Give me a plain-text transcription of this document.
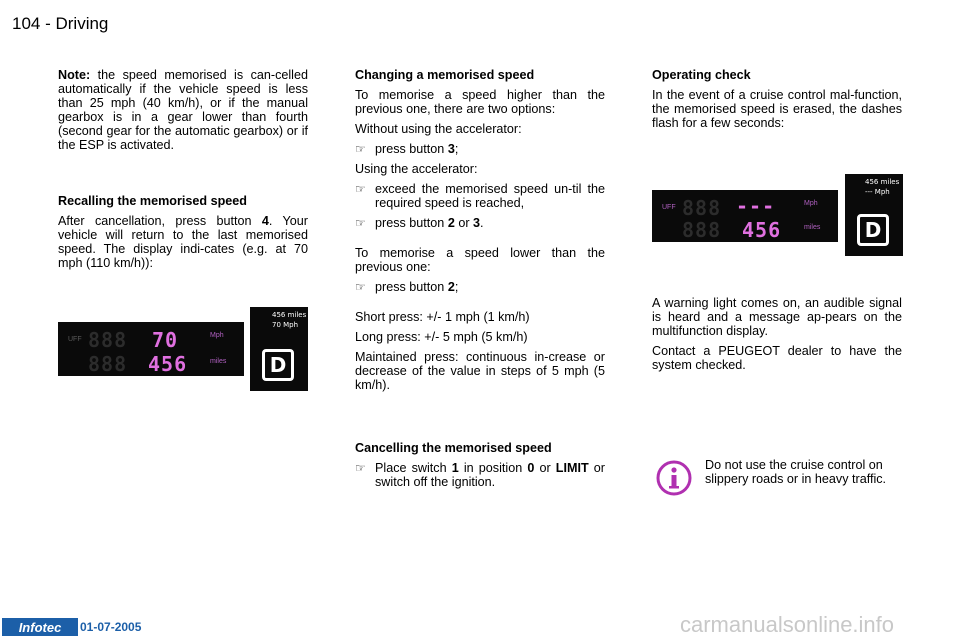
104 - Driving

Note: the speed memorised is can-celled automatically if the vehicle speed is less than 25 mph (40 km/h), or if the manual gearbox is in a gear lower than fourth (second gear for the automatic gearbox) or if the ESP is activated.

Recalling the memorised speed

After cancellation, press button 4. Your vehicle will return to the last memorised speed. The display indi-cates (e.g. at 70 mph (110 km/h)):

UFF 888 70	Mph
888 456	miles
456 miles
70 Mph
D
Changing a memorised speed

To memorise a speed higher than the previous one, there are two options:

Without using the accelerator:

☞ press button 3;

Using the accelerator:

☞ exceed the memorised speed un-til the required speed is reached,
☞ press button 2 or 3.

To memorise a speed lower than the previous one:

☞ press button 2;

Short press: +/- 1 mph (1 km/h)

Long press: +/- 5 mph (5 km/h)

Maintained press: continuous in-crease or decrease of the value in steps of 5 mph (5 km/h).

Cancelling the memorised speed
☞ Place switch 1 in position 0 or LIMIT or switch off the ignition.
Operating check

In the event of a cruise control mal-function, the memorised speed is erased, the dashes flash for a few seconds:

UFF 888 ---	Mph
888 456	miles
456 miles
--- Mph
D

A warning light comes on, an audible signal is heard and a message ap-pears on the multifunction display.

Contact a PEUGEOT dealer to have the system checked.

Do not use the cruise control on slippery roads or in heavy traffic.

Infotec	01-07-2005	carmanualsonline.info
